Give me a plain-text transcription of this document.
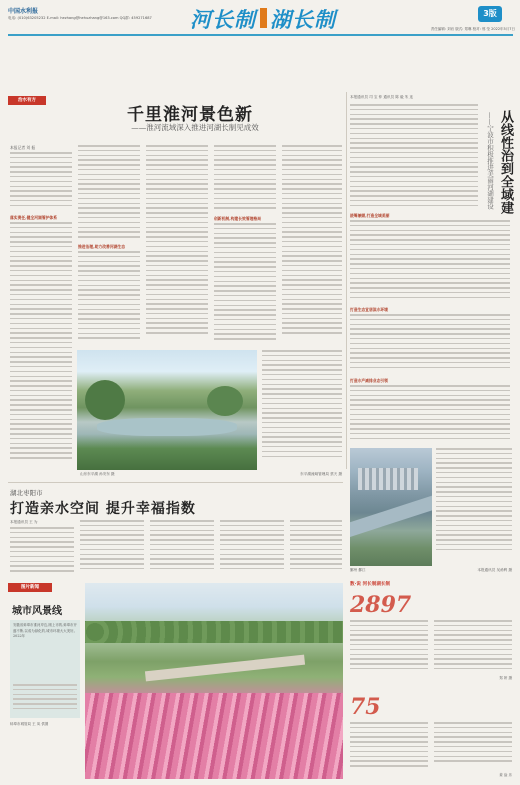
中国水利报
电话: (010)63205232 E-mail: hezhang@hehuzhang@163.com QQ群: 459271687	河长制 湖长制	3版
责任编辑: 刘岩 版式: 郑琳 校对: 邢 莹 2022年5月7日
治水有方
千里淮河景色新
——淮河流域深入推进河湖长制见成效
本报记者 刘 振
落实责任,健全河湖管护体系
推进治理,助力改善河湖生态
创新机制,构建长效管理格局
山东东平湖 孙安东 摄	东平湖流域管理局 蔡天 摄
本报通讯员 司 宝 仲 通讯员 陈 毅 朱 连
从线性治到全域建
——宁波市积极推进美丽河湖建设
统筹兼顾,打造全域美丽
打造生态宜居滨水环境
打造水产减排业态引领
鄞州 鄞江	本报通讯员 吴甬利 摄
湖北枣阳市
打造亲水空间 提升幸福指数
本报通讯员 王 为
图片新闻
城市风景线
安徽省蚌埠市淮河岸边,刚上市的,蚌埠市开盛不断,以成为绿化的,城市环境大大美好。2022年
蚌埠市城管局 王 凤 供图
数·说 河长制湖长制
2897
郑 妍 摄
75
姜 淦 乐
